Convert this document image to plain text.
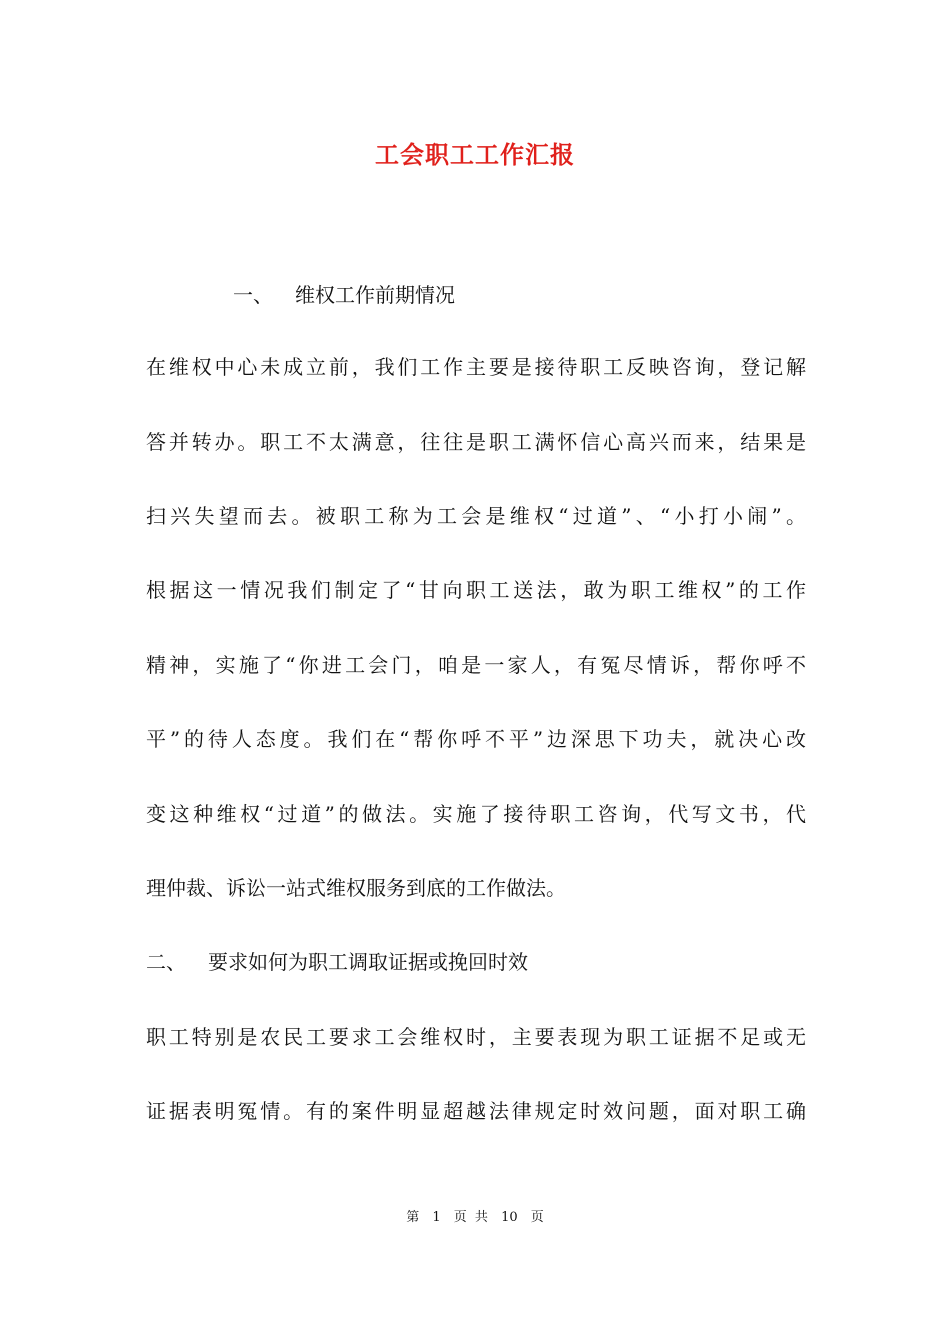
工会职工工作汇报
一、 维权工作前期情况
在维权中心未成立前，我们工作主要是接待职工反映咨询，登记解
答并转办。职工不太满意，往往是职工满怀信心高兴而来，结果是
扫兴失望而去。被职工称为工会是维权“过道”、“小打小闹”。
根据这一情况我们制定了“甘向职工送法，敢为职工维权”的工作
精神，实施了“你进工会门，咱是一家人，有冤尽情诉，帮你呼不
平”的待人态度。我们在“帮你呼不平”边深思下功夫，就决心改
变这种维权“过道”的做法。实施了接待职工咨询，代写文书，代
理仲裁、诉讼一站式维权服务到底的工作做法。
二、 要求如何为职工调取证据或挽回时效
职工特别是农民工要求工会维权时，主要表现为职工证据不足或无
证据表明冤情。有的案件明显超越法律规定时效问题，面对职工确
第 1 页 共 10 页
